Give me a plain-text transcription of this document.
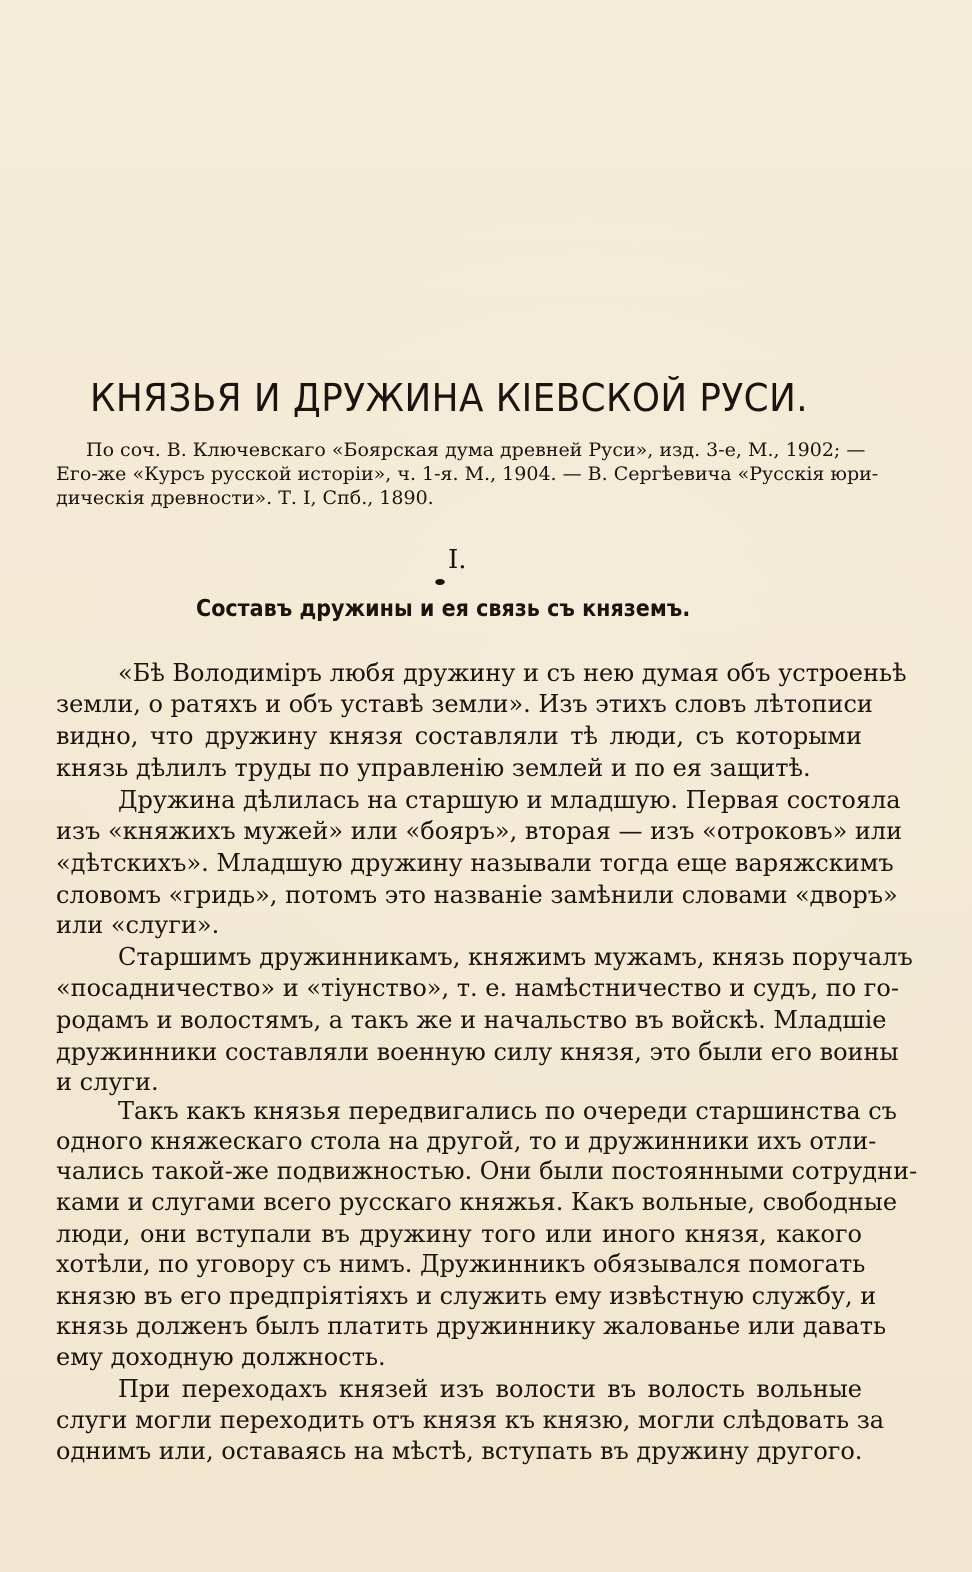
КНЯЗЬЯ И ДРУЖИНА КІЕВСКОЙ РУСИ.
По соч. В. Ключевскаго «Боярская дума древней Руси», изд. 3-е, М., 1902; —
Его-же «Курсъ русской исторіи», ч. 1-я. М., 1904. — В. Сергѣевича «Русскія юри-
дическія древности». Т. I, Спб., 1890.
I.
Составъ дружины и ея связь съ княземъ.
«Бѣ Володиміръ любя дружину и съ нею думая объ устроеньѣ
земли, о ратяхъ и объ уставѣ земли». Изъ этихъ словъ лѣтописи
видно, что дружину князя составляли тѣ люди, съ которыми
князь дѣлилъ труды по управленію землей и по ея защитѣ.
Дружина дѣлилась на старшую и младшую. Первая состояла
изъ «княжихъ мужей» или «бояръ», вторая — изъ «отроковъ» или
«дѣтскихъ». Младшую дружину называли тогда еще варяжскимъ
словомъ «гридь», потомъ это названіе замѣнили словами «дворъ»
или «слуги».
Старшимъ дружинникамъ, княжимъ мужамъ, князь поручалъ
«посадничество» и «тіунство», т. е. намѣстничество и судъ, по го-
родамъ и волостямъ, а такъ же и начальство въ войскѣ. Младшіе
дружинники составляли военную силу князя, это были его воины
и слуги.
Такъ какъ князья передвигались по очереди старшинства съ
одного княжескаго стола на другой, то и дружинники ихъ отли-
чались такой-же подвижностью. Они были постоянными сотрудни-
ками и слугами всего русскаго княжья. Какъ вольные, свободные
люди, они вступали въ дружину того или иного князя, какого
хотѣли, по уговору съ нимъ. Дружинникъ обязывался помогать
князю въ его предпріятіяхъ и служить ему извѣстную службу, и
князь долженъ былъ платить дружиннику жалованье или давать
ему доходную должность.
При переходахъ князей изъ волости въ волость вольные
слуги могли переходить отъ князя къ князю, могли слѣдовать за
однимъ или, оставаясь на мѣстѣ, вступать въ дружину другого.
